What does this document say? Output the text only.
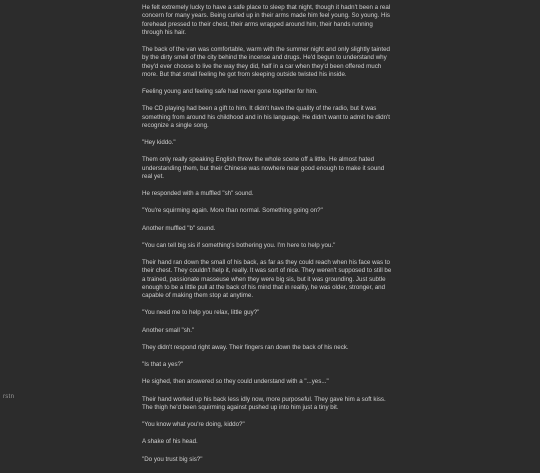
He felt extremely lucky to have a safe place to sleep that night, though it hadn't been a real concern for many years. Being curled up in their arms made him feel young. So young. His forehead pressed to their chest, their arms wrapped around him, their hands running through his hair.

The back of the van was comfortable, warm with the summer night and only slightly tainted by the dirty smell of the city behind the incense and drugs. He'd begun to understand why they'd ever choose to live the way they did, half in a car when they'd been offered much more. But that small feeling he got from sleeping outside twisted his inside.

Feeling young and feeling safe had never gone together for him.

The CD playing had been a gift to him. It didn't have the quality of the radio, but it was something from around his childhood and in his language. He didn't want to admit he didn't recognize a single song.

"Hey kiddo."

Them only really speaking English threw the whole scene off a little. He almost hated understanding them, but their Chinese was nowhere near good enough to make it sound real yet.

He responded with a muffled "sh" sound.

"You're squirming again. More than normal. Something going on?"

Another muffled "b" sound.

"You can tell big sis if something's bothering you. I'm here to help you."

Their hand ran down the small of his back, as far as they could reach when his face was to their chest. They couldn't help it, really. It was sort of nice. They weren't supposed to still be a trained, passionate masseuse when they were big sis, but it was grounding. Just subtle enough to be a little pull at the back of his mind that in reality, he was older, stronger, and capable of making them stop at anytime.

"You need me to help you relax, little guy?"

Another small "sh."

They didn't respond right away. Their fingers ran down the back of his neck.

"Is that a yes?"

He sighed, then answered so they could understand with a "...yes..."

Their hand worked up his back less idly now, more purposeful. They gave him a soft kiss. The thigh he'd been squirming against pushed up into him just a tiny bit.

"You know what you're doing, kiddo?"

A shake of his head.

"Do you trust big sis?"

rstn
